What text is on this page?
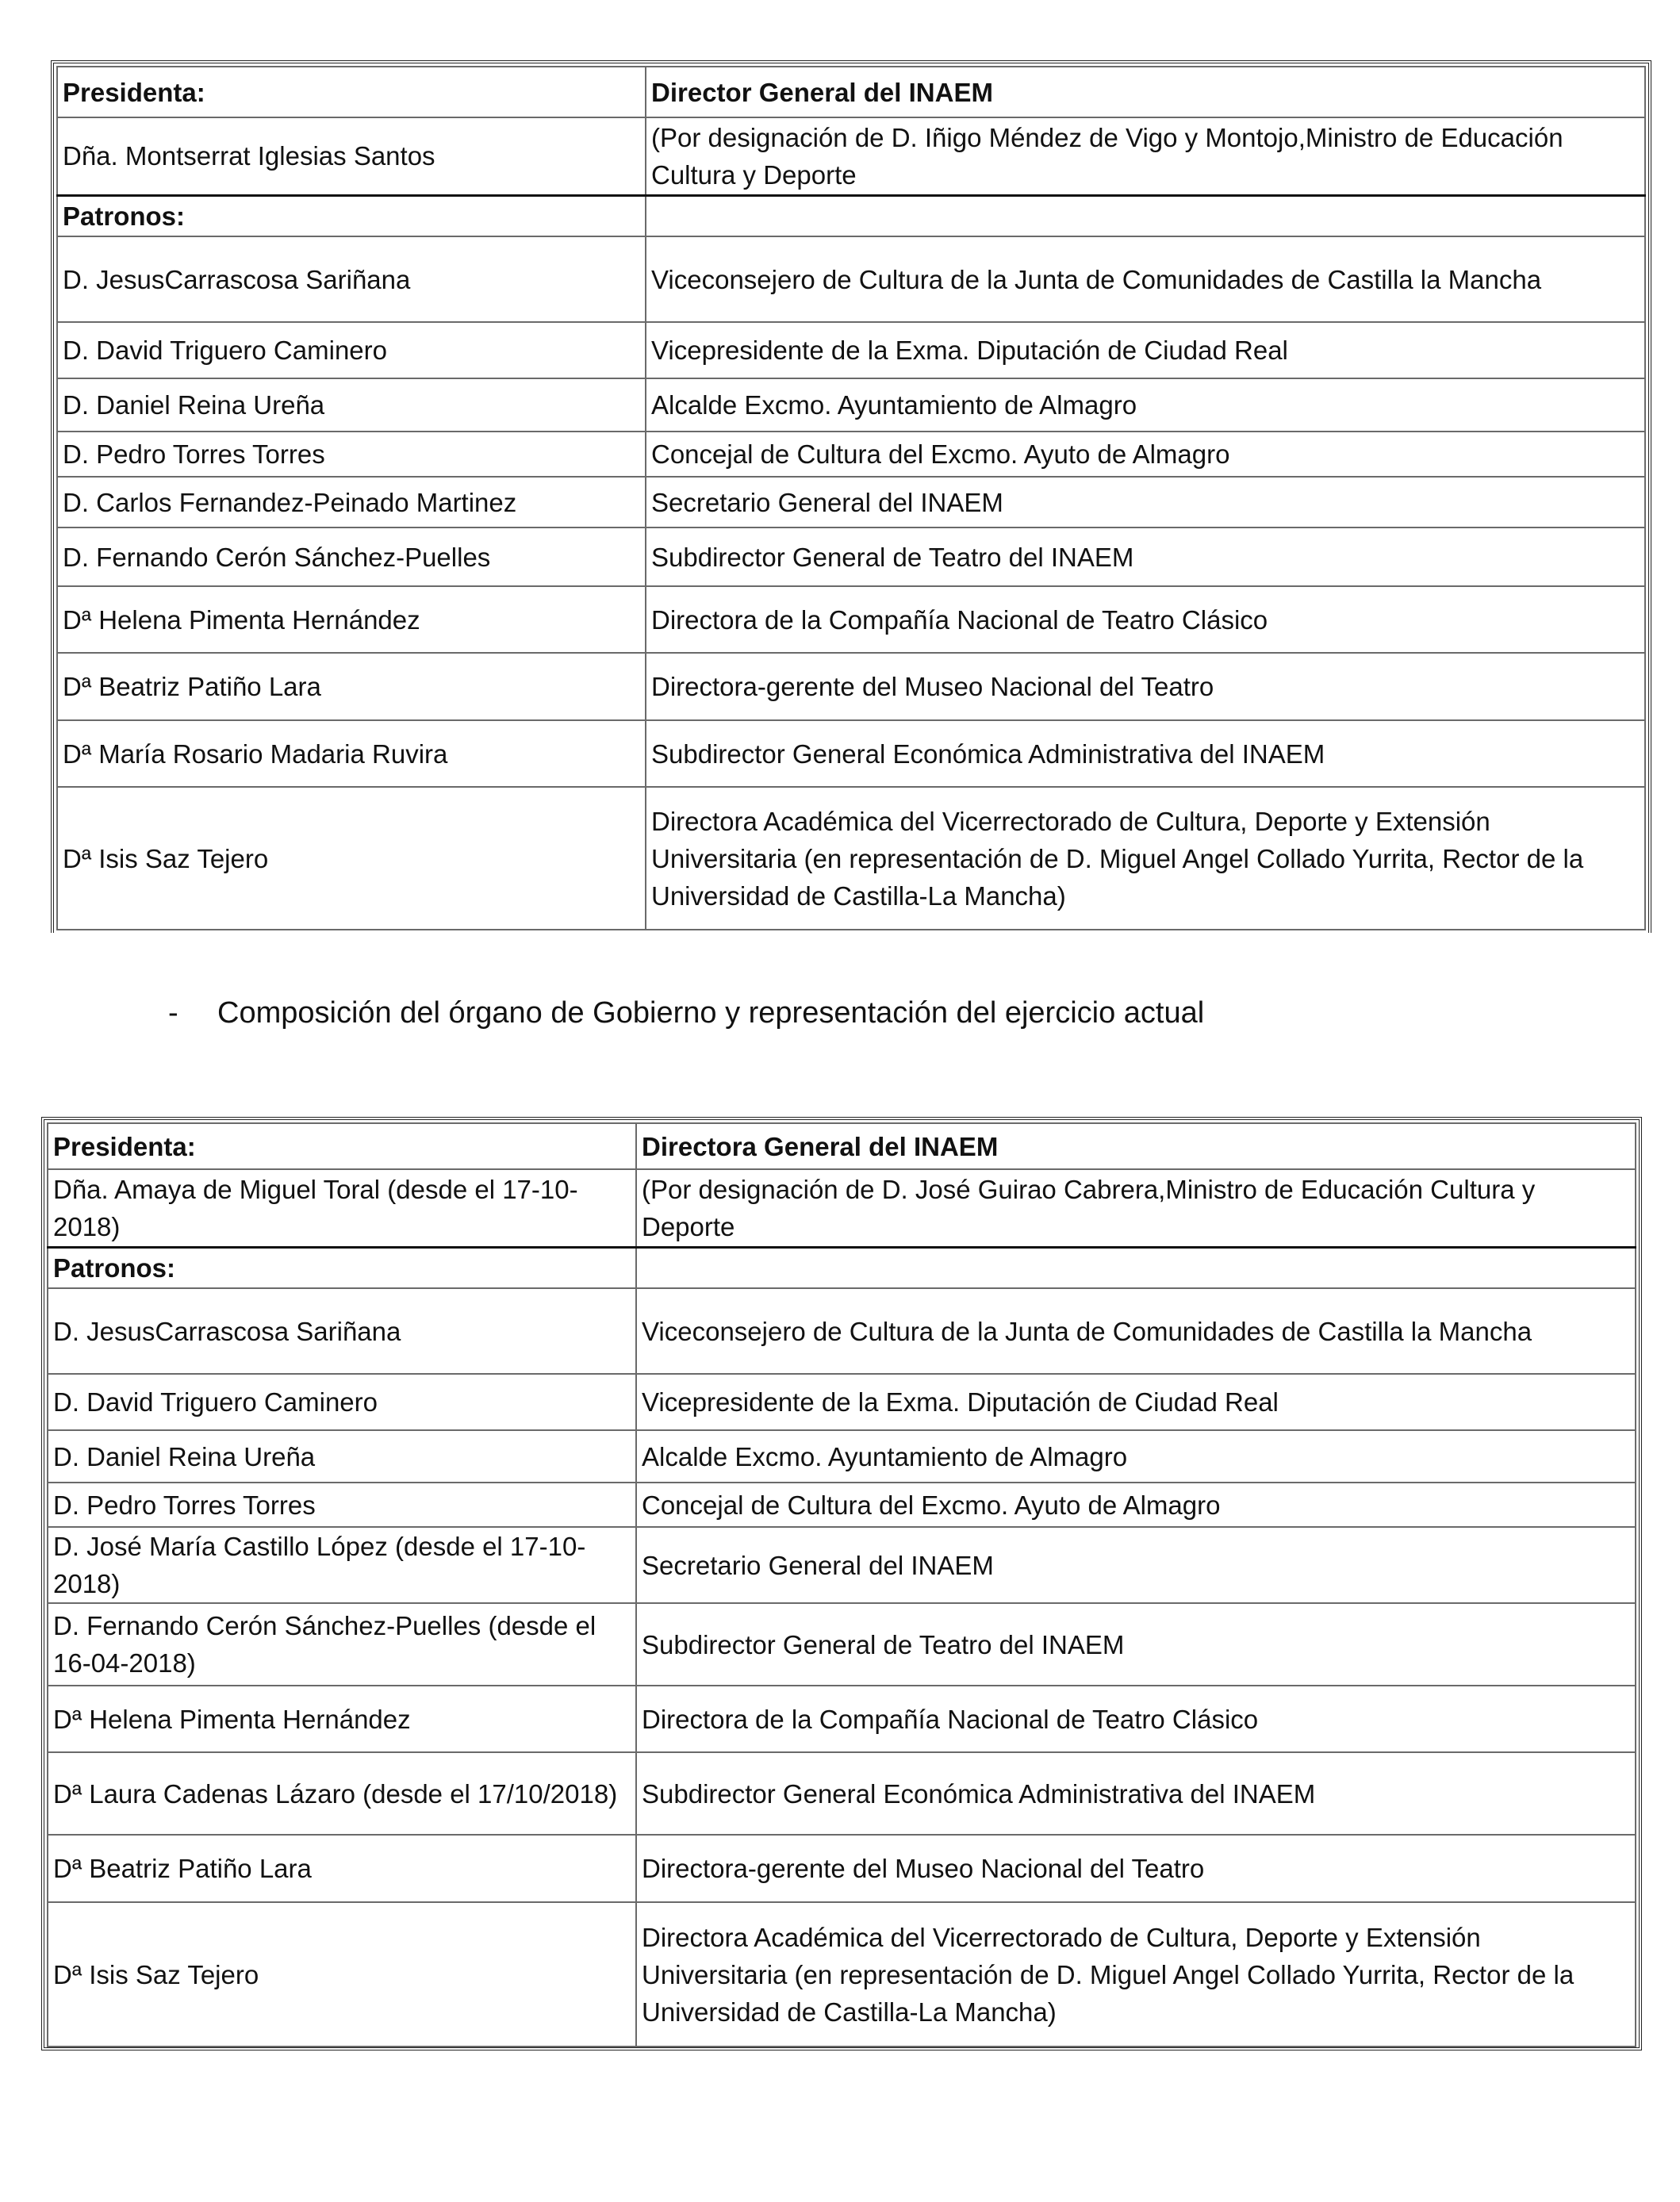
Presidenta:	Director General del INAEM
Dña. Montserrat Iglesias Santos	(Por designación de D. Iñigo Méndez de Vigo y Montojo,Ministro de Educación Cultura y Deporte
Patronos:	
D. JesusCarrascosa Sariñana	Viceconsejero de Cultura de la Junta de Comunidades de Castilla la Mancha
D. David Triguero Caminero	Vicepresidente de la Exma. Diputación de Ciudad Real
D. Daniel Reina Ureña	Alcalde Excmo. Ayuntamiento de Almagro
D. Pedro Torres Torres	Concejal de Cultura del Excmo. Ayuto de Almagro
D. Carlos Fernandez-Peinado Martinez	Secretario General del INAEM
D. Fernando Cerón Sánchez-Puelles	Subdirector General de Teatro del INAEM
Dª Helena Pimenta Hernández	Directora de la Compañía Nacional de Teatro Clásico
Dª Beatriz Patiño Lara	Directora-gerente del Museo Nacional del Teatro
Dª María Rosario Madaria Ruvira	Subdirector General Económica Administrativa del INAEM
Dª Isis Saz Tejero	Directora Académica del Vicerrectorado de Cultura, Deporte y Extensión Universitaria (en representación de D. Miguel Angel Collado Yurrita, Rector de la Universidad de Castilla-La Mancha)
- Composición del órgano de Gobierno y representación del ejercicio actual
Presidenta:	Directora General del INAEM
Dña. Amaya de Miguel Toral (desde el 17-10-2018)	(Por designación de D. José Guirao Cabrera,Ministro de Educación Cultura y Deporte
Patronos:	
D. JesusCarrascosa Sariñana	Viceconsejero de Cultura de la Junta de Comunidades de Castilla la Mancha
D. David Triguero Caminero	Vicepresidente de la Exma. Diputación de Ciudad Real
D. Daniel Reina Ureña	Alcalde Excmo. Ayuntamiento de Almagro
D. Pedro Torres Torres	Concejal de Cultura del Excmo. Ayuto de Almagro
D. José María Castillo López (desde el 17-10-2018)	Secretario General del INAEM
D. Fernando Cerón Sánchez-Puelles (desde el 16-04-2018)	Subdirector General de Teatro del INAEM
Dª Helena Pimenta Hernández	Directora de la Compañía Nacional de Teatro Clásico
Dª Laura Cadenas Lázaro (desde el 17/10/2018)	Subdirector General Económica Administrativa del INAEM
Dª Beatriz Patiño Lara	Directora-gerente del Museo Nacional del Teatro
Dª Isis Saz Tejero	Directora Académica del Vicerrectorado de Cultura, Deporte y Extensión Universitaria (en representación de D. Miguel Angel Collado Yurrita, Rector de la Universidad de Castilla-La Mancha)
